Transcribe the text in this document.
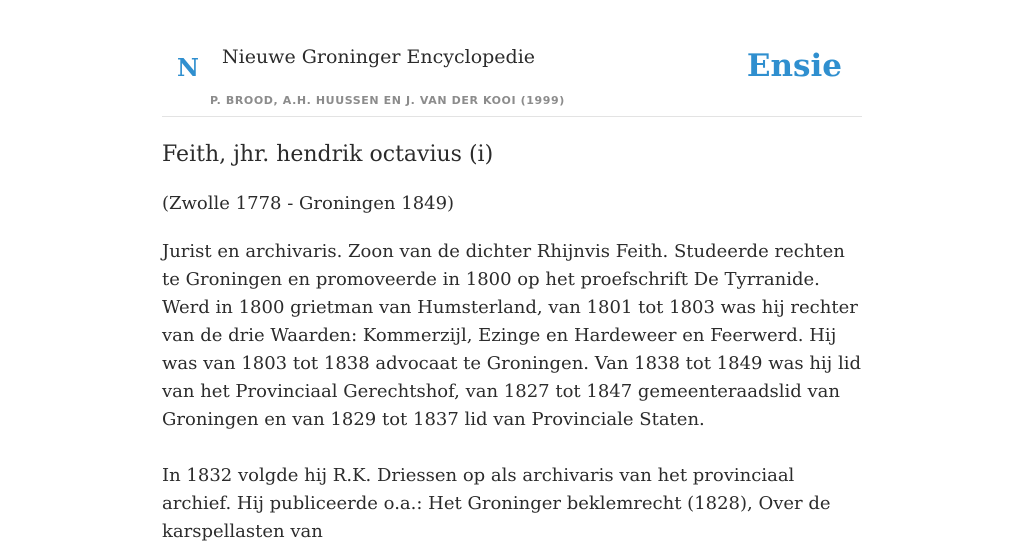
N Nieuwe Groninger Encyclopedie
P. BROOD, A.H. HUUSSEN EN J. VAN DER KOOI (1999)
Ensie
Feith, jhr. hendrik octavius (i)

(Zwolle 1778 - Groningen 1849)

Jurist en archivaris. Zoon van de dichter Rhijnvis Feith. Studeerde rechten te Groningen en promoveerde in 1800 op het proefschrift De Tyrranide. Werd in 1800 grietman van Humsterland, van 1801 tot 1803 was hij rechter van de drie Waarden: Kommerzijl, Ezinge en Hardeweer en Feerwerd. Hij was van 1803 tot 1838 advocaat te Groningen. Van 1838 tot 1849 was hij lid van het Provinciaal Gerechtshof, van 1827 tot 1847 gemeenteraadslid van Groningen en van 1829 tot 1837 lid van Provinciale Staten.

In 1832 volgde hij R.K. Driessen op als archivaris van het provinciaal archief. Hij publiceerde o.a.: Het Groninger beklemrecht (1828), Over de karspellasten van
